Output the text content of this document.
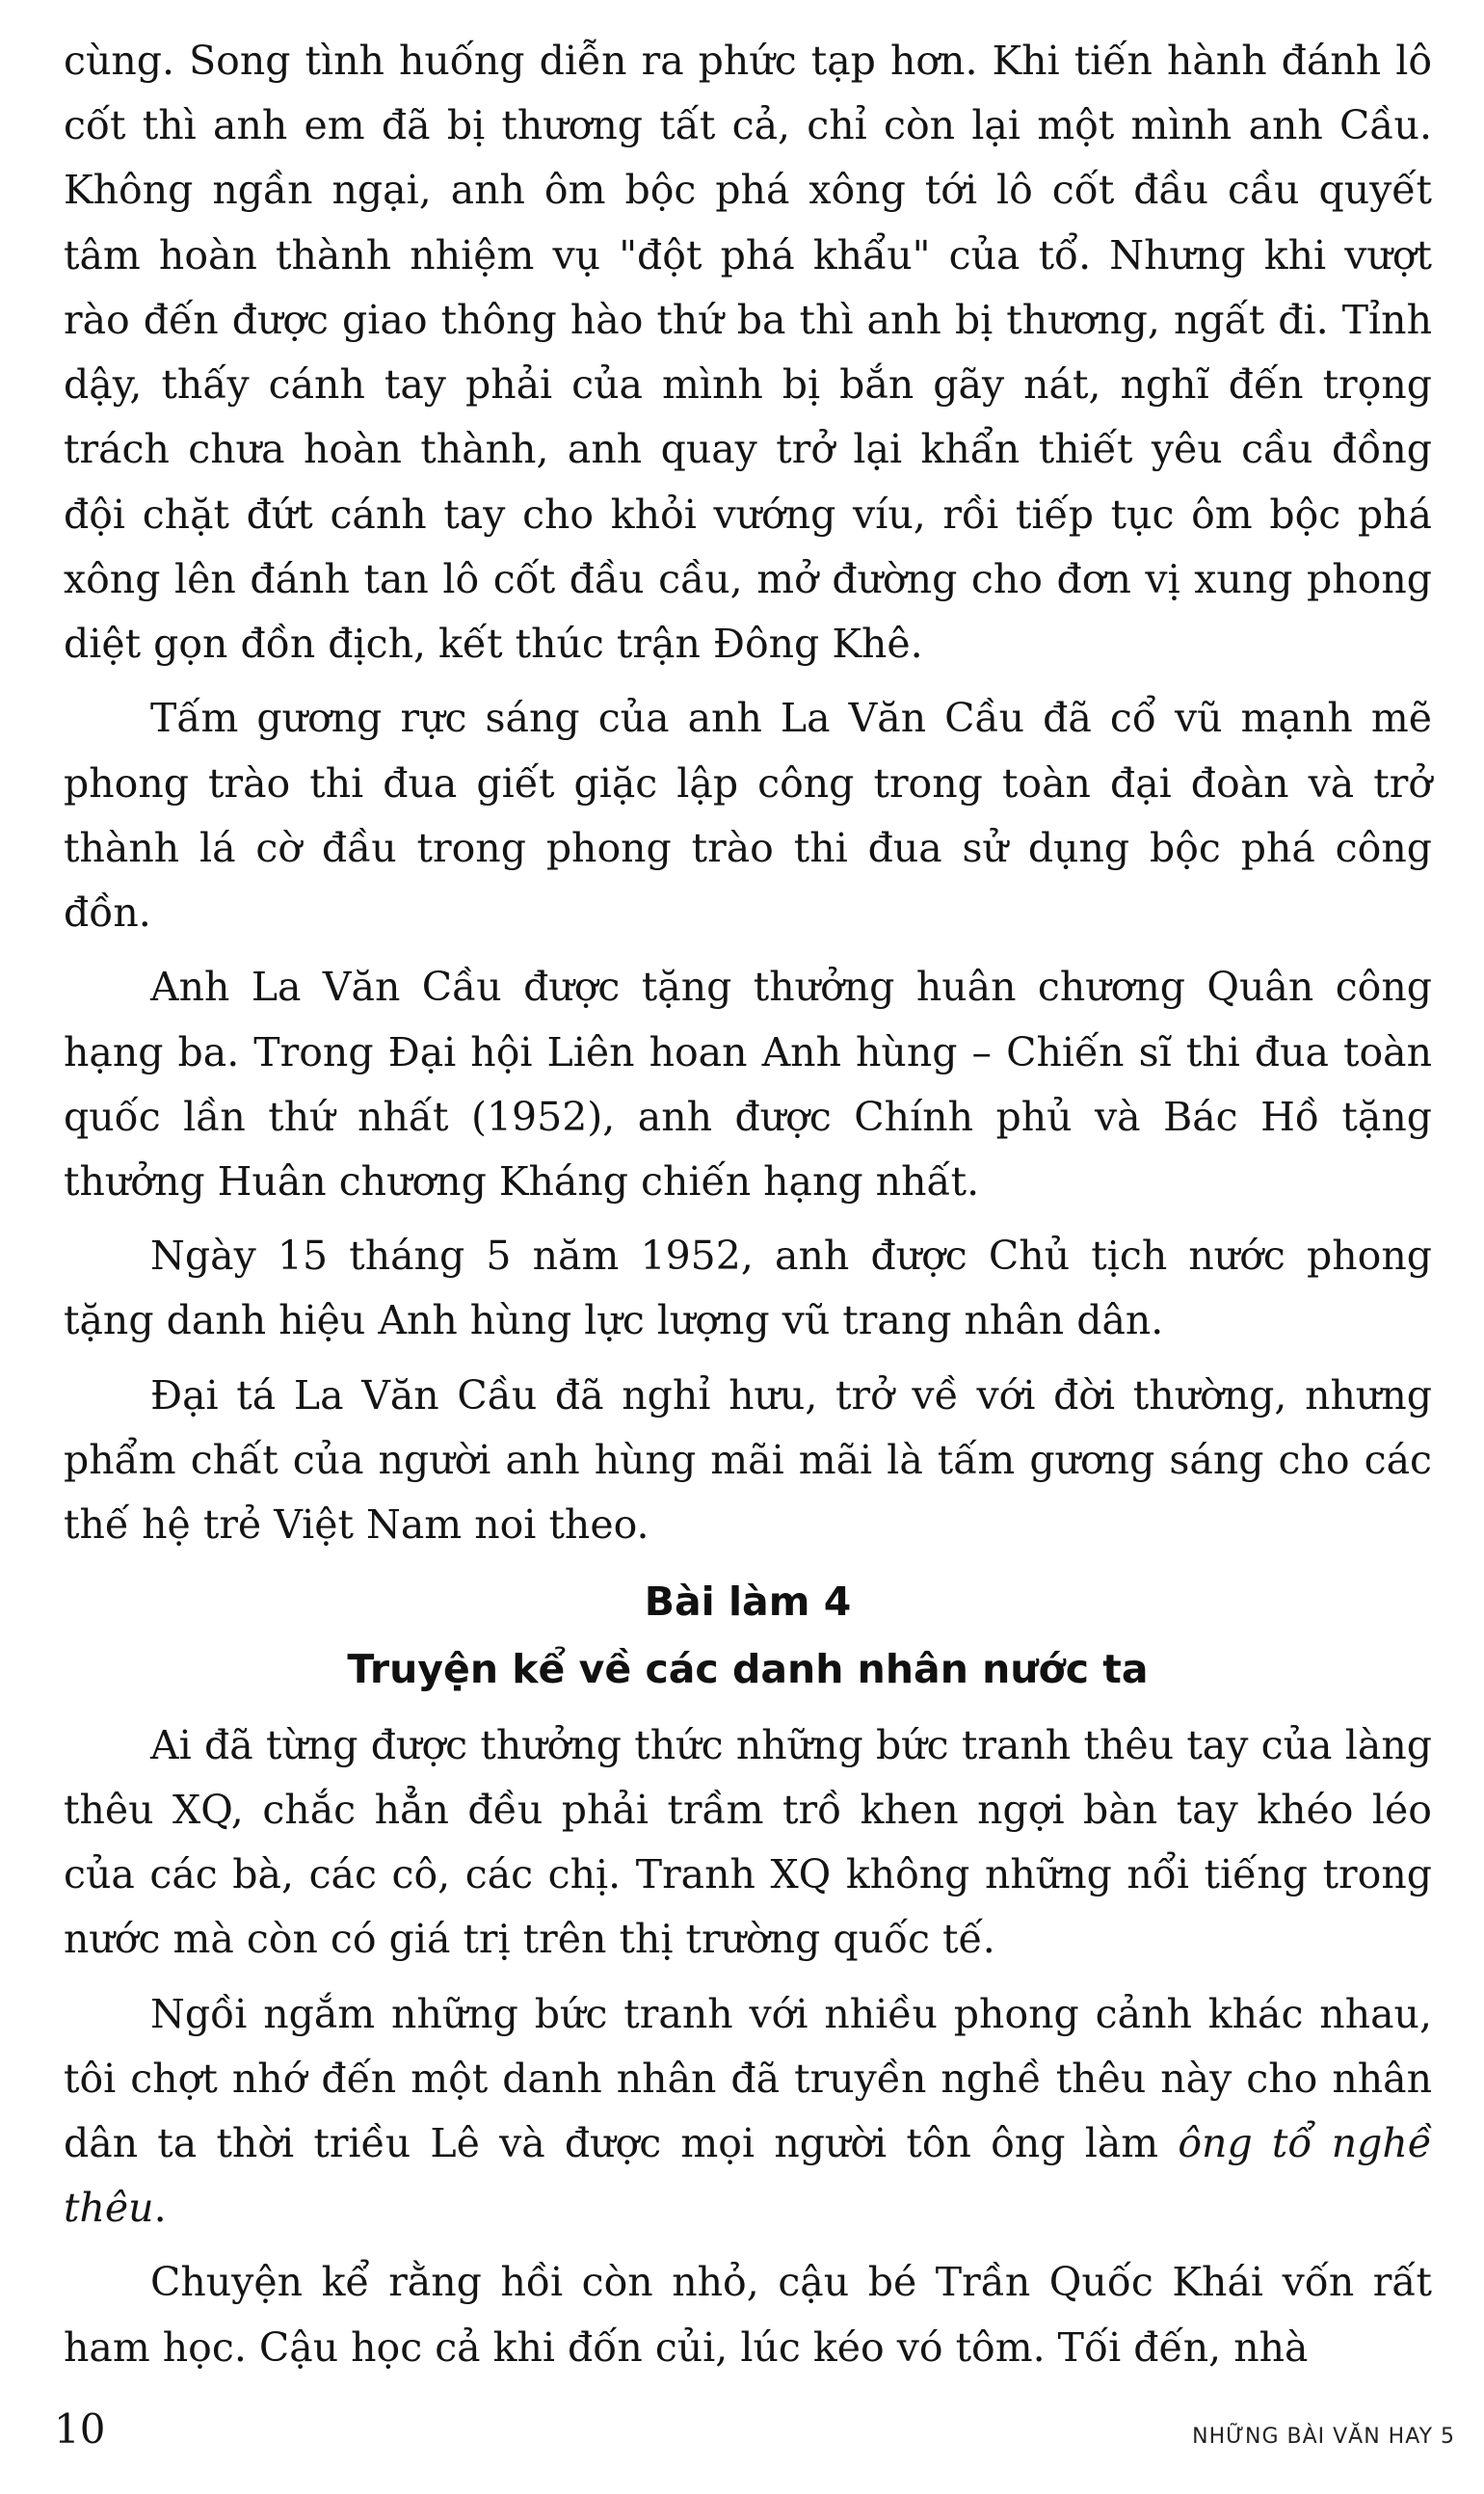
cùng. Song tình huống diễn ra phức tạp hơn. Khi tiến hành đánh lô cốt thì anh em đã bị thương tất cả, chỉ còn lại một mình anh Cầu. Không ngần ngại, anh ôm bộc phá xông tới lô cốt đầu cầu quyết tâm hoàn thành nhiệm vụ "đột phá khẩu" của tổ. Nhưng khi vượt rào đến được giao thông hào thứ ba thì anh bị thương, ngất đi. Tỉnh dậy, thấy cánh tay phải của mình bị bắn gãy nát, nghĩ đến trọng trách chưa hoàn thành, anh quay trở lại khẩn thiết yêu cầu đồng đội chặt đứt cánh tay cho khỏi vướng víu, rồi tiếp tục ôm bộc phá xông lên đánh tan lô cốt đầu cầu, mở đường cho đơn vị xung phong diệt gọn đồn địch, kết thúc trận Đông Khê.

Tấm gương rực sáng của anh La Văn Cầu đã cổ vũ mạnh mẽ phong trào thi đua giết giặc lập công trong toàn đại đoàn và trở thành lá cờ đầu trong phong trào thi đua sử dụng bộc phá công đồn.

Anh La Văn Cầu được tặng thưởng huân chương Quân công hạng ba. Trong Đại hội Liên hoan Anh hùng – Chiến sĩ thi đua toàn quốc lần thứ nhất (1952), anh được Chính phủ và Bác Hồ tặng thưởng Huân chương Kháng chiến hạng nhất.

Ngày 15 tháng 5 năm 1952, anh được Chủ tịch nước phong tặng danh hiệu Anh hùng lực lượng vũ trang nhân dân.

Đại tá La Văn Cầu đã nghỉ hưu, trở về với đời thường, nhưng phẩm chất của người anh hùng mãi mãi là tấm gương sáng cho các thế hệ trẻ Việt Nam noi theo.

Bài làm 4
Truyện kể về các danh nhân nước ta

Ai đã từng được thưởng thức những bức tranh thêu tay của làng thêu XQ, chắc hẳn đều phải trầm trồ khen ngợi bàn tay khéo léo của các bà, các cô, các chị. Tranh XQ không những nổi tiếng trong nước mà còn có giá trị trên thị trường quốc tế.

Ngồi ngắm những bức tranh với nhiều phong cảnh khác nhau, tôi chợt nhớ đến một danh nhân đã truyền nghề thêu này cho nhân dân ta thời triều Lê và được mọi người tôn ông làm ông tổ nghề thêu.

Chuyện kể rằng hồi còn nhỏ, cậu bé Trần Quốc Khái vốn rất ham học. Cậu học cả khi đốn củi, lúc kéo vó tôm. Tối đến, nhà

10	NHỮNG BÀI VĂN HAY 5
